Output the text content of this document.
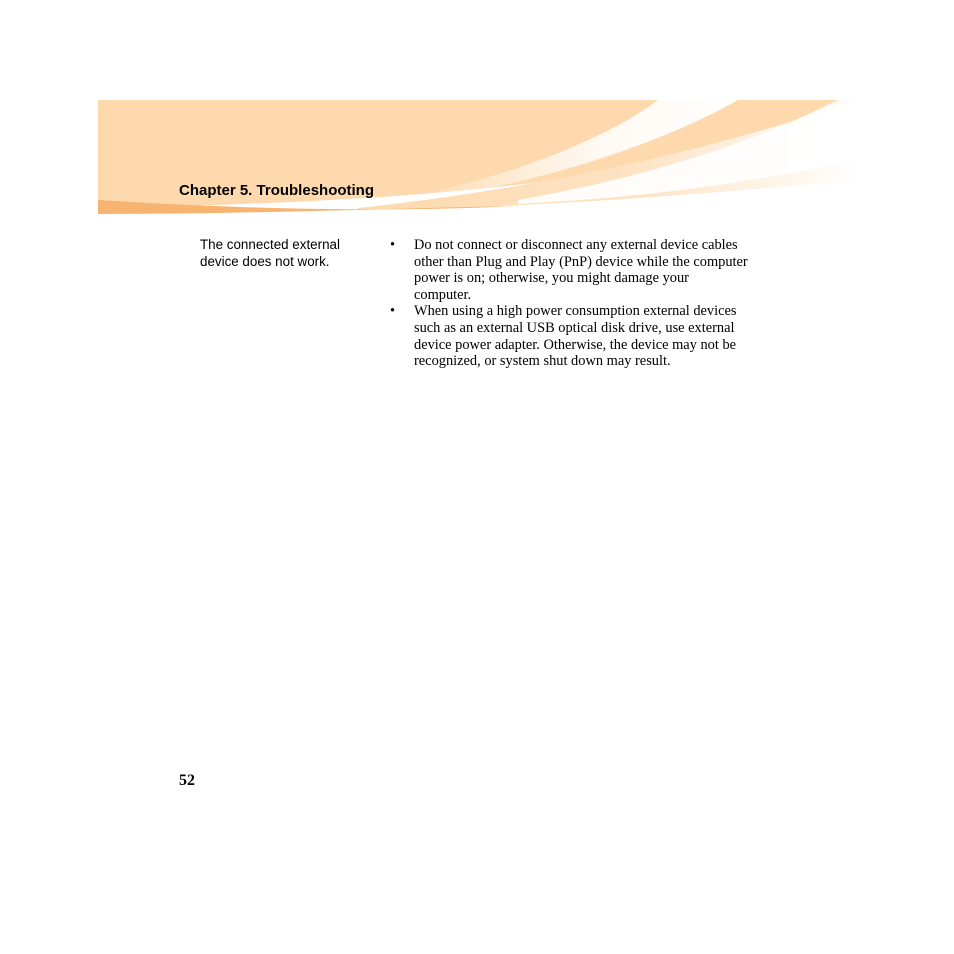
Chapter 5. Troubleshooting
The connected external device does not work.
• Do not connect or disconnect any external device cables other than Plug and Play (PnP) device while the computer power is on; otherwise, you might damage your computer.
• When using a high power consumption external devices such as an external USB optical disk drive, use external device power adapter. Otherwise, the device may not be recognized, or system shut down may result.
52
